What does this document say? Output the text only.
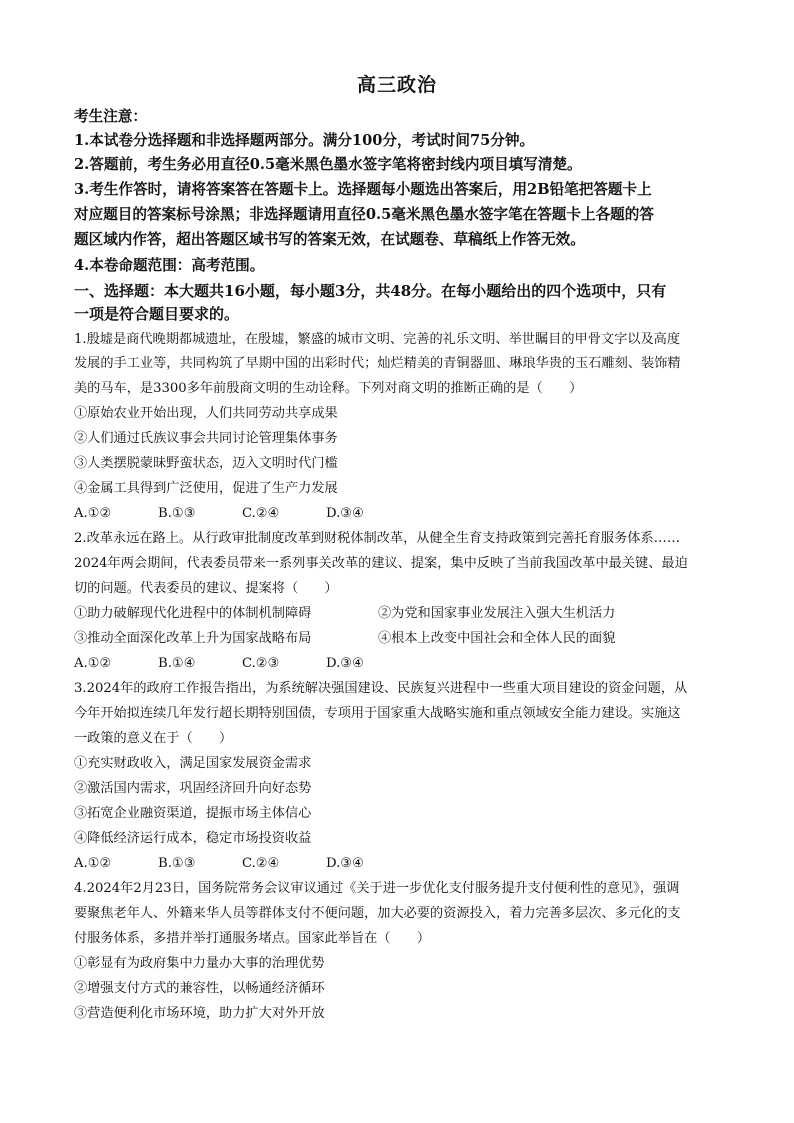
高三政治
考生注意：
1.本试卷分选择题和非选择题两部分。满分100分，考试时间75分钟。
2.答题前，考生务必用直径0.5毫米黑色墨水签字笔将密封线内项目填写清楚。
3.考生作答时，请将答案答在答题卡上。选择题每小题选出答案后，用2B铅笔把答题卡上
对应题目的答案标号涂黑；非选择题请用直径0.5毫米黑色墨水签字笔在答题卡上各题的答
题区域内作答，超出答题区域书写的答案无效，在试题卷、草稿纸上作答无效。
4.本卷命题范围：高考范围。
一、选择题：本大题共16小题，每小题3分，共48分。在每小题给出的四个选项中，只有
一项是符合题目要求的。
1.殷墟是商代晚期都城遗址，在殷墟，繁盛的城市文明、完善的礼乐文明、举世瞩目的甲骨文字以及高度
发展的手工业等，共同构筑了早期中国的出彩时代；灿烂精美的青铜器皿、琳琅华贵的玉石雕刻、装饰精
美的马车，是3300多年前殷商文明的生动诠释。下列对商文明的推断正确的是（　　）
①原始农业开始出现，人们共同劳动共享成果
②人们通过氏族议事会共同讨论管理集体事务
③人类摆脱蒙昧野蛮状态，迈入文明时代门槛
④金属工具得到广泛使用，促进了生产力发展
A.①②	B.①③	C.②④	D.③④
2.改革永远在路上。从行政审批制度改革到财税体制改革，从健全生育支持政策到完善托育服务体系……
2024年两会期间，代表委员带来一系列事关改革的建议、提案，集中反映了当前我国改革中最关键、最迫
切的问题。代表委员的建议、提案将（　　）
①助力破解现代化进程中的体制机制障碍	②为党和国家事业发展注入强大生机活力
③推动全面深化改革上升为国家战略布局	④根本上改变中国社会和全体人民的面貌
A.①②	B.①④	C.②③	D.③④
3.2024年的政府工作报告指出，为系统解决强国建设、民族复兴进程中一些重大项目建设的资金问题，从
今年开始拟连续几年发行超长期特别国债，专项用于国家重大战略实施和重点领域安全能力建设。实施这
一政策的意义在于（　　）
①充实财政收入，满足国家发展资金需求
②激活国内需求，巩固经济回升向好态势
③拓宽企业融资渠道，提振市场主体信心
④降低经济运行成本，稳定市场投资收益
A.①②	B.①③	C.②④	D.③④
4.2024年2月23日，国务院常务会议审议通过《关于进一步优化支付服务提升支付便利性的意见》，强调
要聚焦老年人、外籍来华人员等群体支付不便问题，加大必要的资源投入，着力完善多层次、多元化的支
付服务体系，多措并举打通服务堵点。国家此举旨在（　　）
①彰显有为政府集中力量办大事的治理优势
②增强支付方式的兼容性，以畅通经济循环
③营造便利化市场环境，助力扩大对外开放
